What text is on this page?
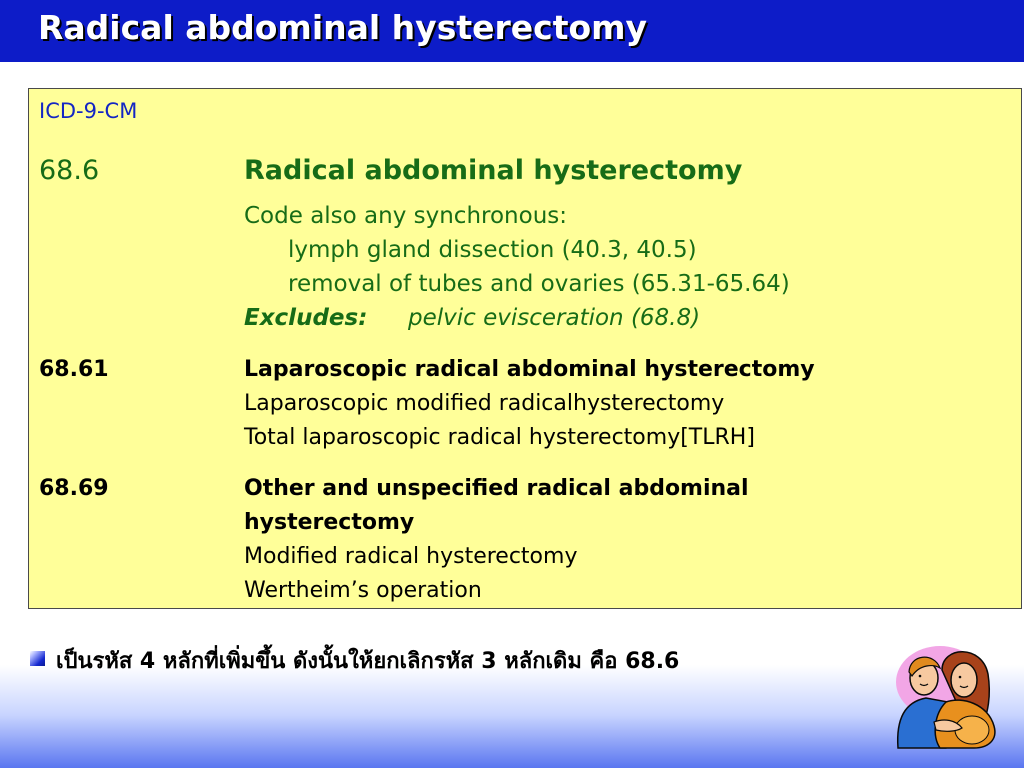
Radical abdominal hysterectomy
ICD-9-CM
68.6	Radical abdominal hysterectomy
Code also any synchronous:
lymph gland dissection (40.3, 40.5)
removal of tubes and ovaries (65.31-65.64)
Excludes: pelvic evisceration (68.8)
68.61	Laparoscopic radical abdominal hysterectomy
Laparoscopic modified radicalhysterectomy
Total laparoscopic radical hysterectomy[TLRH]
68.69	Other and unspecified radical abdominal
hysterectomy
Modified radical hysterectomy
Wertheim’s operation
เป็นรหัส 4 หลักที่เพิ่มขึ้น ดังนั้นให้ยกเลิกรหัส 3 หลักเดิม คือ 68.6
